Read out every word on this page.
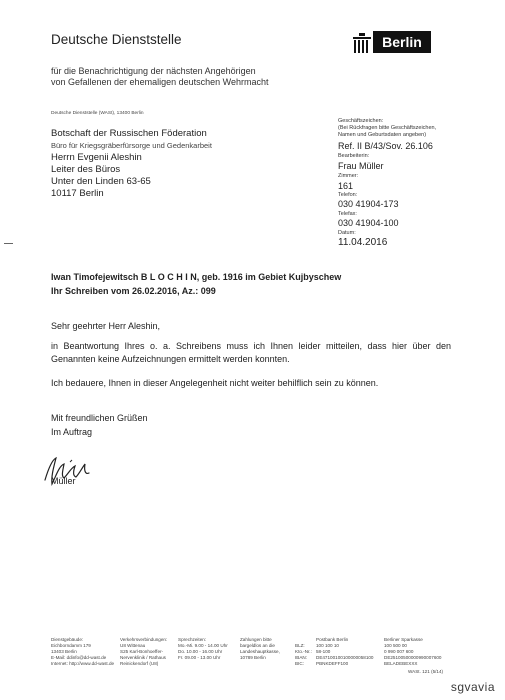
Deutsche Dienststelle
für die Benachrichtigung der nächsten Angehörigen
von Gefallenen der ehemaligen deutschen Wehrmacht
Berlin
Deutsche Dienststelle (WASt), 13400 Berlin
Botschaft der Russischen Föderation
Büro für Kriegsgräberfürsorge und Gedenkarbeit
Herrn Evgenii Aleshin
Leiter des Büros
Unter den Linden 63-65
10117 Berlin
Geschäftszeichen:
(Bei Rückfragen bitte Geschäftszeichen,
Namen und Geburtsdaten angeben)
Ref. II B/43/Sov. 26.106
Bearbeiterin:
Frau Müller
Zimmer:
161
Telefon:
030 41904-173
Telefax:
030 41904-100
Datum:
11.04.2016
Iwan Timofejewitsch B L O C H I N, geb. 1916 im Gebiet Kujbyschew
Ihr Schreiben vom 26.02.2016, Az.: 099
Sehr geehrter Herr Aleshin,
in Beantwortung Ihres o. a. Schreibens muss ich Ihnen leider mitteilen, dass hier über den Genannten keine Aufzeichnungen ermittelt werden konnten.
Ich bedauere, Ihnen in dieser Angelegenheit nicht weiter behilflich sein zu können.
Mit freundlichen Grüßen
Im Auftrag
Müller
Dienstgebäude:
Eichborndamm 179
13403 Berlin
E-Mail: ddinfo@dd-wast.de
Internet: http://www.dd-wast.de
Verkehrsverbindungen:
U8 Wittenau
S25 Karl-Bonhoeffer-
Nervenklinik / Rathaus
Reinickendorf (U8)
Sprechzeiten:
Mo.-Mi. 9.00 - 14.00 Uhr
Do. 10.00 - 16.00 Uhr
Fr. 09.00 - 13.00 Uhr
Zahlungen bitte
bargeldlos an die
Landeshauptkasse,
10789 Berlin

BLZ:
Kto.-Nr.:
IBAN:
BIC:
Postbank Berlin
100 100 10
58-100
DE47100100100000058100
PBNKDEFF100
Berliner Sparkasse
100 500 00
0 990 007 600
DE25100500000990007600
BELADEBEXXX
WASt. 121 (5/14)
sgvavia
